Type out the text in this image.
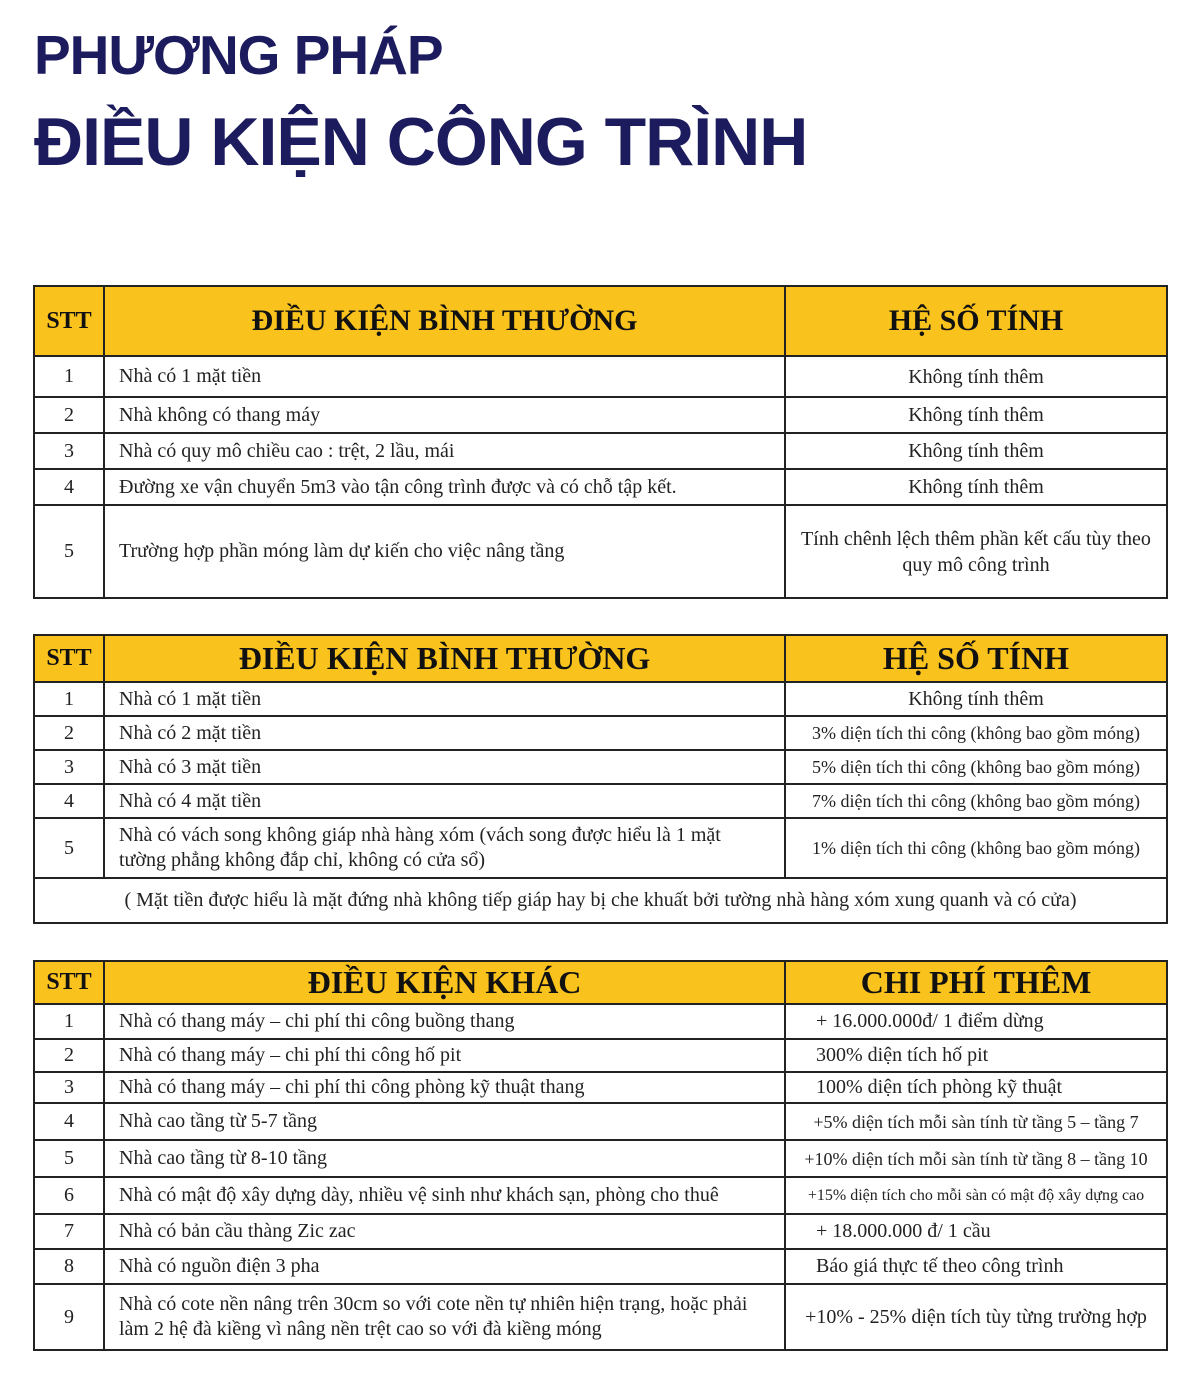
PHƯƠNG PHÁP
ĐIỀU KIỆN CÔNG TRÌNH
STT	ĐIỀU KIỆN BÌNH THƯỜNG	HỆ SỐ TÍNH
1	Nhà có 1 mặt tiền	Không tính thêm
2	Nhà không có thang máy	Không tính thêm
3	Nhà có quy mô chiều cao : trệt, 2 lầu, mái	Không tính thêm
4	Đường xe vận chuyển 5m3 vào tận công trình được và có chỗ tập kết.	Không tính thêm
5	Trường hợp phần móng làm dự kiến cho việc nâng tầng	Tính chênh lệch thêm phần kết cấu tùy theo
quy mô công trình
STT	ĐIỀU KIỆN BÌNH THƯỜNG	HỆ SỐ TÍNH
1	Nhà có 1 mặt tiền	Không tính thêm
2	Nhà có 2 mặt tiền	3% diện tích thi công (không bao gồm móng)
3	Nhà có 3 mặt tiền	5% diện tích thi công (không bao gồm móng)
4	Nhà có 4 mặt tiền	7% diện tích thi công (không bao gồm móng)
5	Nhà có vách song không giáp nhà hàng xóm (vách song được hiểu là 1 mặt
tường phẳng không đắp chỉ, không có cửa sổ)	1% diện tích thi công (không bao gồm móng)
( Mặt tiền được hiểu là mặt đứng nhà không tiếp giáp hay bị che khuất bởi tường nhà hàng xóm xung quanh và có cửa)		
STT	ĐIỀU KIỆN KHÁC	CHI PHÍ THÊM
1	Nhà có thang máy – chi phí thi công buồng thang	+ 16.000.000đ/ 1 điểm dừng
2	Nhà có thang máy – chi phí thi công hố pit	300% diện tích hố pit
3	Nhà có thang máy – chi phí thi công phòng kỹ thuật thang	100% diện tích phòng kỹ thuật
4	Nhà cao tầng từ 5-7 tầng	+5% diện tích mỗi sàn tính từ tầng 5 – tầng 7
5	Nhà cao tầng từ 8-10 tầng	+10% diện tích mỗi sàn tính từ tầng 8 – tầng 10
6	Nhà có mật độ xây dựng dày, nhiều vệ sinh như khách sạn, phòng cho thuê	+15% diện tích cho mỗi sàn có mật độ xây dựng cao
7	Nhà có bản cầu thàng Zic zac	+ 18.000.000 đ/ 1 cầu
8	Nhà có nguồn điện 3 pha	Báo giá thực tế theo công trình
9	Nhà có cote nền nâng trên 30cm so với cote nền tự nhiên hiện trạng, hoặc phải
làm 2 hệ đà kiềng vì nâng nền trệt cao so với đà kiềng móng	+10% - 25% diện tích tùy từng trường hợp
